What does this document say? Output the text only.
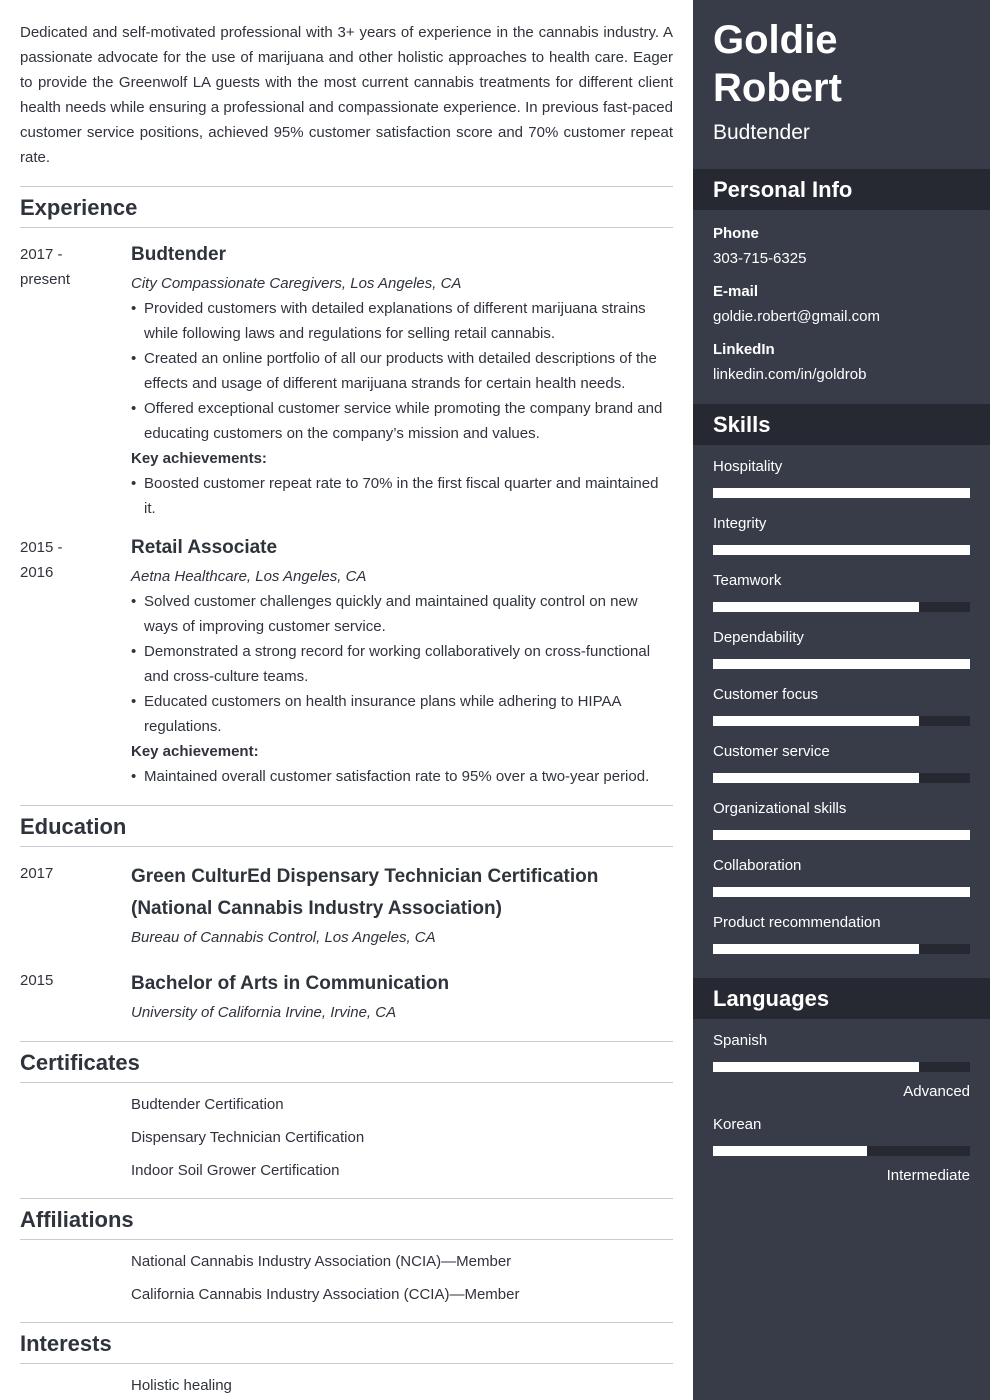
Dedicated and self-motivated professional with 3+ years of experience in the cannabis industry. A passionate advocate for the use of marijuana and other holistic approaches to health care. Eager to provide the Greenwolf LA guests with the most current cannabis treatments for different client health needs while ensuring a professional and compassionate experience. In previous fast-paced customer service positions, achieved 95% customer satisfaction score and 70% customer repeat rate.

Experience
2017 -
present
Budtender
City Compassionate Caregivers, Los Angeles, CA
• Provided customers with detailed explanations of different marijuana strains while following laws and regulations for selling retail cannabis.
• Created an online portfolio of all our products with detailed descriptions of the effects and usage of different marijuana strands for certain health needs.
• Offered exceptional customer service while promoting the company brand and educating customers on the company’s mission and values.
Key achievements:
• Boosted customer repeat rate to 70% in the first fiscal quarter and maintained it.
2015 -
2016
Retail Associate
Aetna Healthcare, Los Angeles, CA
• Solved customer challenges quickly and maintained quality control on new ways of improving customer service.
• Demonstrated a strong record for working collaboratively on cross-functional and cross-culture teams.
• Educated customers on health insurance plans while adhering to HIPAA regulations.
Key achievement:
• Maintained overall customer satisfaction rate to 95% over a two-year period.
Education
2017	Green CulturEd Dispensary Technician Certification (National Cannabis Industry Association)
Bureau of Cannabis Control, Los Angeles, CA
2015	Bachelor of Arts in Communication
University of California Irvine, Irvine, CA
Certificates
Budtender Certification
Dispensary Technician Certification
Indoor Soil Grower Certification
Affiliations
National Cannabis Industry Association (NCIA)—Member
California Cannabis Industry Association (CCIA)—Member
Interests
Holistic healing
Goldie
Robert
Budtender
Personal Info
Phone
303-715-6325
E-mail
goldie.robert@gmail.com
LinkedIn
linkedin.com/in/goldrob
Skills
Hospitality
Integrity
Teamwork
Dependability
Customer focus
Customer service
Organizational skills
Collaboration
Product recommendation
Languages
Spanish
Advanced
Korean
Intermediate
